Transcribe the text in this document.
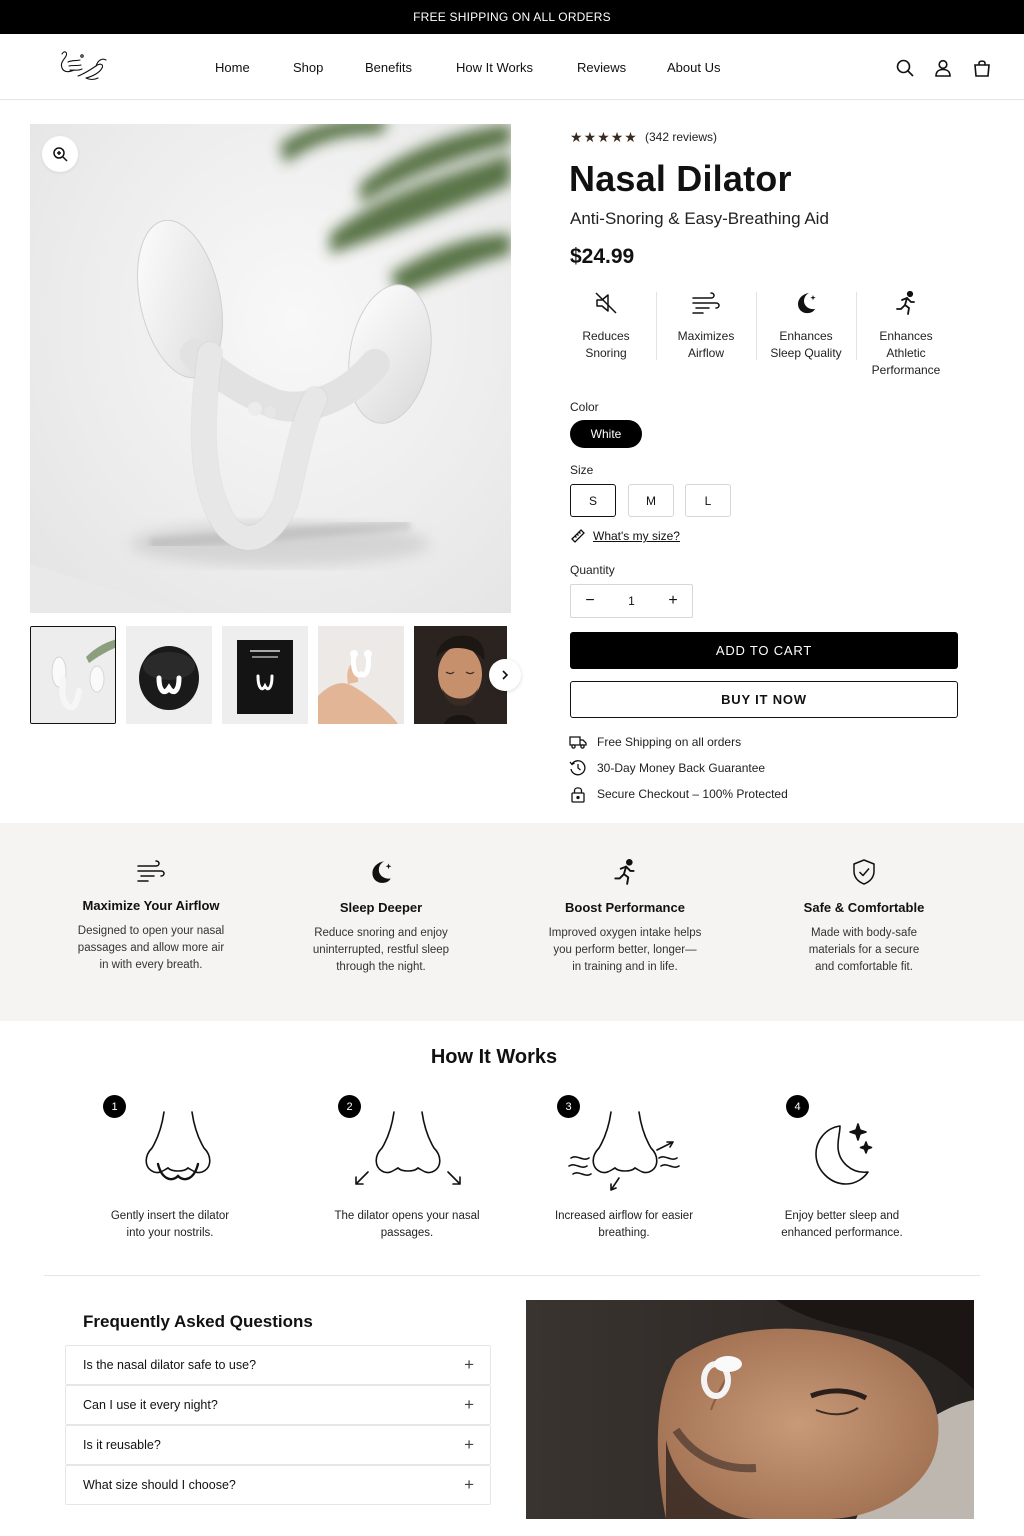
FREE SHIPPING ON ALL ORDERS
Home	Shop	Benefits	How It Works	Reviews	About Us
★ ★ ★ ★ ★ (342 reviews)
Nasal Dilator
Anti-Snoring & Easy-Breathing Aid
$24.99
Reduces
Snoring
Maximizes
Airflow
Enhances
Sleep Quality
Enhances
Athletic
Performance
Color
White
Size
S	M	L
What's my size?
Quantity
−	1	+
ADD TO CART
BUY IT NOW
Free Shipping on all orders
30-Day Money Back Guarantee
Secure Checkout – 100% Protected
Maximize Your Airflow

Designed to open your nasal

passages and allow more air

in with every breath.

Sleep Deeper

Reduce snoring and enjoy

uninterrupted, restful sleep

through the night.

Boost Performance

Improved oxygen intake helps

you perform better, longer—

in training and in life.

Safe & Comfortable

Made with body-safe

materials for a secure

and comfortable fit.

How It Works
1
Gently insert the dilator
into your nostrils.
2
The dilator opens your nasal
passages.
3
Increased airflow for easier
breathing.
4
Enjoy better sleep and
enhanced performance.
Frequently Asked Questions
Is the nasal dilator safe to use?	+
Can I use it every night?	+
Is it reusable?	+
What size should I choose?	+
